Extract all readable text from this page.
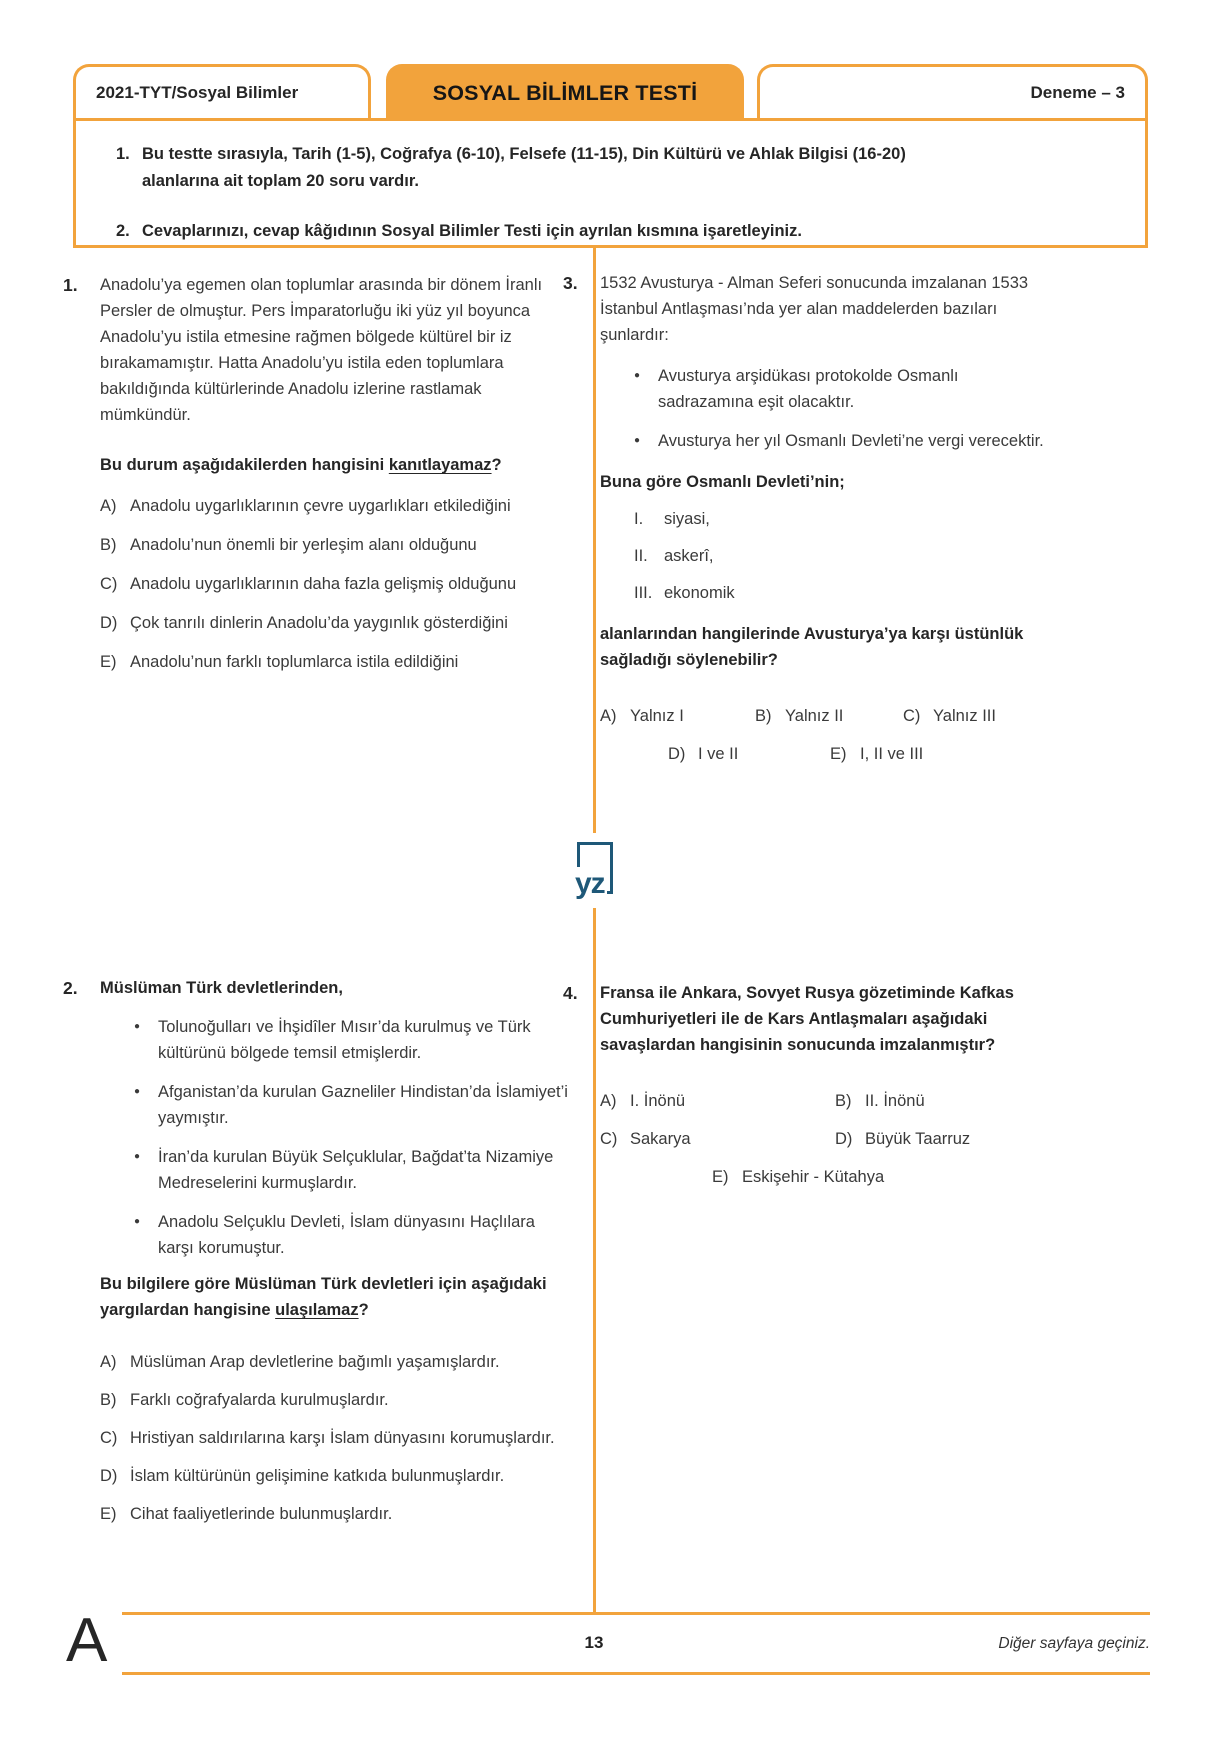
2021-TYT/Sosyal Bilimler	SOSYAL BİLİMLER TESTİ	Deneme – 3
1. Bu testte sırasıyla, Tarih (1-5), Coğrafya (6-10), Felsefe (11-15), Din Kültürü ve Ahlak Bilgisi (16-20)
alanlarına ait toplam 20 soru vardır.
2. Cevaplarınızı, cevap kâğıdının Sosyal Bilimler Testi için ayrılan kısmına işaretleyiniz.
yz
1.	Anadolu’ya egemen olan toplumlar arasında bir dönem İranlı Persler de olmuştur. Pers İmparatorluğu iki yüz yıl boyunca Anadolu’yu istila etmesine rağmen bölgede kültürel bir iz bırakamamıştır. Hatta Anadolu’yu istila eden toplumlara bakıldığında kültürlerinde Anadolu izlerine rastlamak mümkündür.

Bu durum aşağıdakilerden hangisini kanıtlayamaz?

A) Anadolu uygarlıklarının çevre uygarlıkları etkilediğini
B) Anadolu’nun önemli bir yerleşim alanı olduğunu
C) Anadolu uygarlıklarının daha fazla gelişmiş olduğunu
D) Çok tanrılı dinlerin Anadolu’da yaygınlık gösterdiğini
E) Anadolu’nun farklı toplumlarca istila edildiğini
2.	Müslüman Türk devletlerinden,

●	Tolunoğulları ve İhşidîler Mısır’da kurulmuş ve Türk kültürünü bölgede temsil etmişlerdir.
●	Afganistan’da kurulan Gazneliler Hindistan’da İslamiyet’i yaymıştır.
●	İran’da kurulan Büyük Selçuklular, Bağdat’ta Nizamiye Medreselerini kurmuşlardır.
●	Anadolu Selçuklu Devleti, İslam dünyasını Haçlılara karşı korumuştur.

Bu bilgilere göre Müslüman Türk devletleri için aşağıdaki yargılardan hangisine ulaşılamaz?

A) Müslüman Arap devletlerine bağımlı yaşamışlardır.
B) Farklı coğrafyalarda kurulmuşlardır.
C) Hristiyan saldırılarına karşı İslam dünyasını korumuşlardır.
D) İslam kültürünün gelişimine katkıda bulunmuşlardır.
E) Cihat faaliyetlerinde bulunmuşlardır.
3.	1532 Avusturya - Alman Seferi sonucunda imzalanan 1533 İstanbul Antlaşması’nda yer alan maddelerden bazıları şunlardır:

●	Avusturya arşidükası protokolde Osmanlı sadrazamına eşit olacaktır.
●	Avusturya her yıl Osmanlı Devleti’ne vergi verecektir.

Buna göre Osmanlı Devleti’nin;

I.	siyasi,
II. askerî,
III. ekonomik

alanlarından hangilerinde Avusturya’ya karşı üstünlük sağladığı söylenebilir?

A) Yalnız I	B) Yalnız II	C) Yalnız III
D) I ve II	E) I, II ve III
4.	Fransa ile Ankara, Sovyet Rusya gözetiminde Kafkas Cumhuriyetleri ile de Kars Antlaşmaları aşağıdaki savaşlardan hangisinin sonucunda imzalanmıştır?

A) I. İnönü	B) II. İnönü
C) Sakarya	D) Büyük Taarruz
E) Eskişehir - Kütahya
A	13	Diğer sayfaya geçiniz.
